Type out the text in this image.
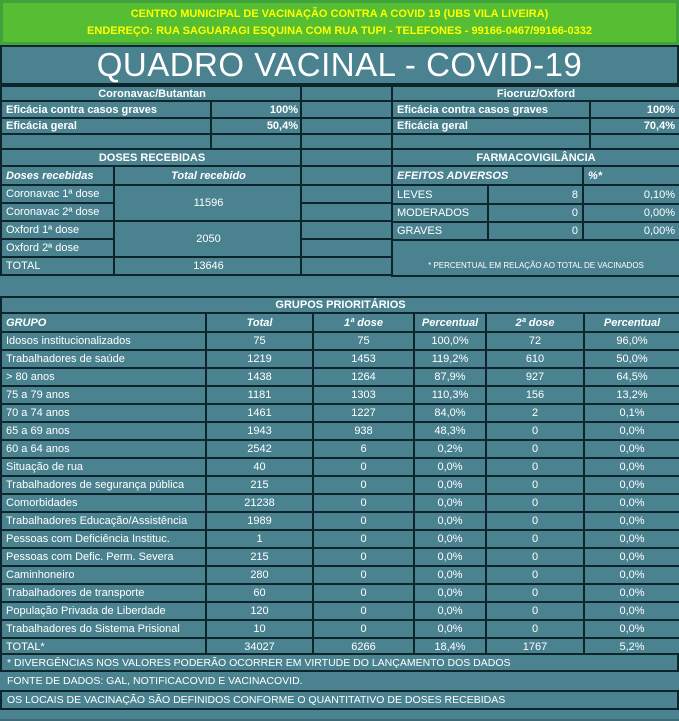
CENTRO MUNICIPAL DE VACINAÇÃO CONTRA A COVID 19 (UBS VILA LIVEIRA)
ENDEREÇO: RUA SAGUARAGI ESQUINA COM RUA TUPI - TELEFONES - 99166-0467/99166-0332
QUADRO VACINAL - COVID-19
Coronavac/Butantan	
Eficácia contra casos graves	100%
Eficácia geral	50,4%

Fiocruz/Oxford	
Eficácia contra casos graves	100%
Eficácia geral	70,4%

DOSES RECEBIDAS	
Doses recebidas	Total recebido
Coronavac 1ª dose	11596
Coronavac 2ª dose	
Oxford 1ª dose	2050
Oxford 2ª dose	
TOTAL	13646

FARMACOVIGILÂNCIA		
EFEITOS ADVERSOS		%*
LEVES	8	0,10%
MODERADOS	0	0,00%
GRAVES	0	0,00%
* PERCENTUAL EM RELAÇÃO AO TOTAL DE VACINADOS		
GRUPOS PRIORITÁRIOS					
GRUPO	Total	1ª dose	Percentual	2ª dose	Percentual
Idosos institucionalizados	75	75	100,0%	72	96,0%
Trabalhadores de saúde	1219	1453	119,2%	610	50,0%
> 80 anos	1438	1264	87,9%	927	64,5%
75 a 79 anos	1181	1303	110,3%	156	13,2%
70 a 74 anos	1461	1227	84,0%	2	0,1%
65 a 69 anos	1943	938	48,3%	0	0,0%
60 a 64 anos	2542	6	0,2%	0	0,0%
Situação de rua	40	0	0,0%	0	0,0%
Trabalhadores de segurança pública	215	0	0,0%	0	0,0%
Comorbidades	21238	0	0,0%	0	0,0%
Trabalhadores Educação/Assistência	1989	0	0,0%	0	0,0%
Pessoas com Deficiência Instituc.	1	0	0,0%	0	0,0%
Pessoas com Defic. Perm. Severa	215	0	0,0%	0	0,0%
Caminhoneiro	280	0	0,0%	0	0,0%
Trabalhadores de transporte	60	0	0,0%	0	0,0%
População Privada de Liberdade	120	0	0,0%	0	0,0%
Trabalhadores do Sistema Prisional	10	0	0,0%	0	0,0%
TOTAL*	34027	6266	18,4%	1767	5,2%
* DIVERGÊNCIAS NOS VALORES PODERÃO OCORRER EM VIRTUDE DO LANÇAMENTO DOS DADOS
FONTE DE DADOS: GAL, NOTIFICACOVID E VACINACOVID.
OS LOCAIS DE VACINAÇÃO SÃO DEFINIDOS CONFORME O QUANTITATIVO DE DOSES RECEBIDAS
